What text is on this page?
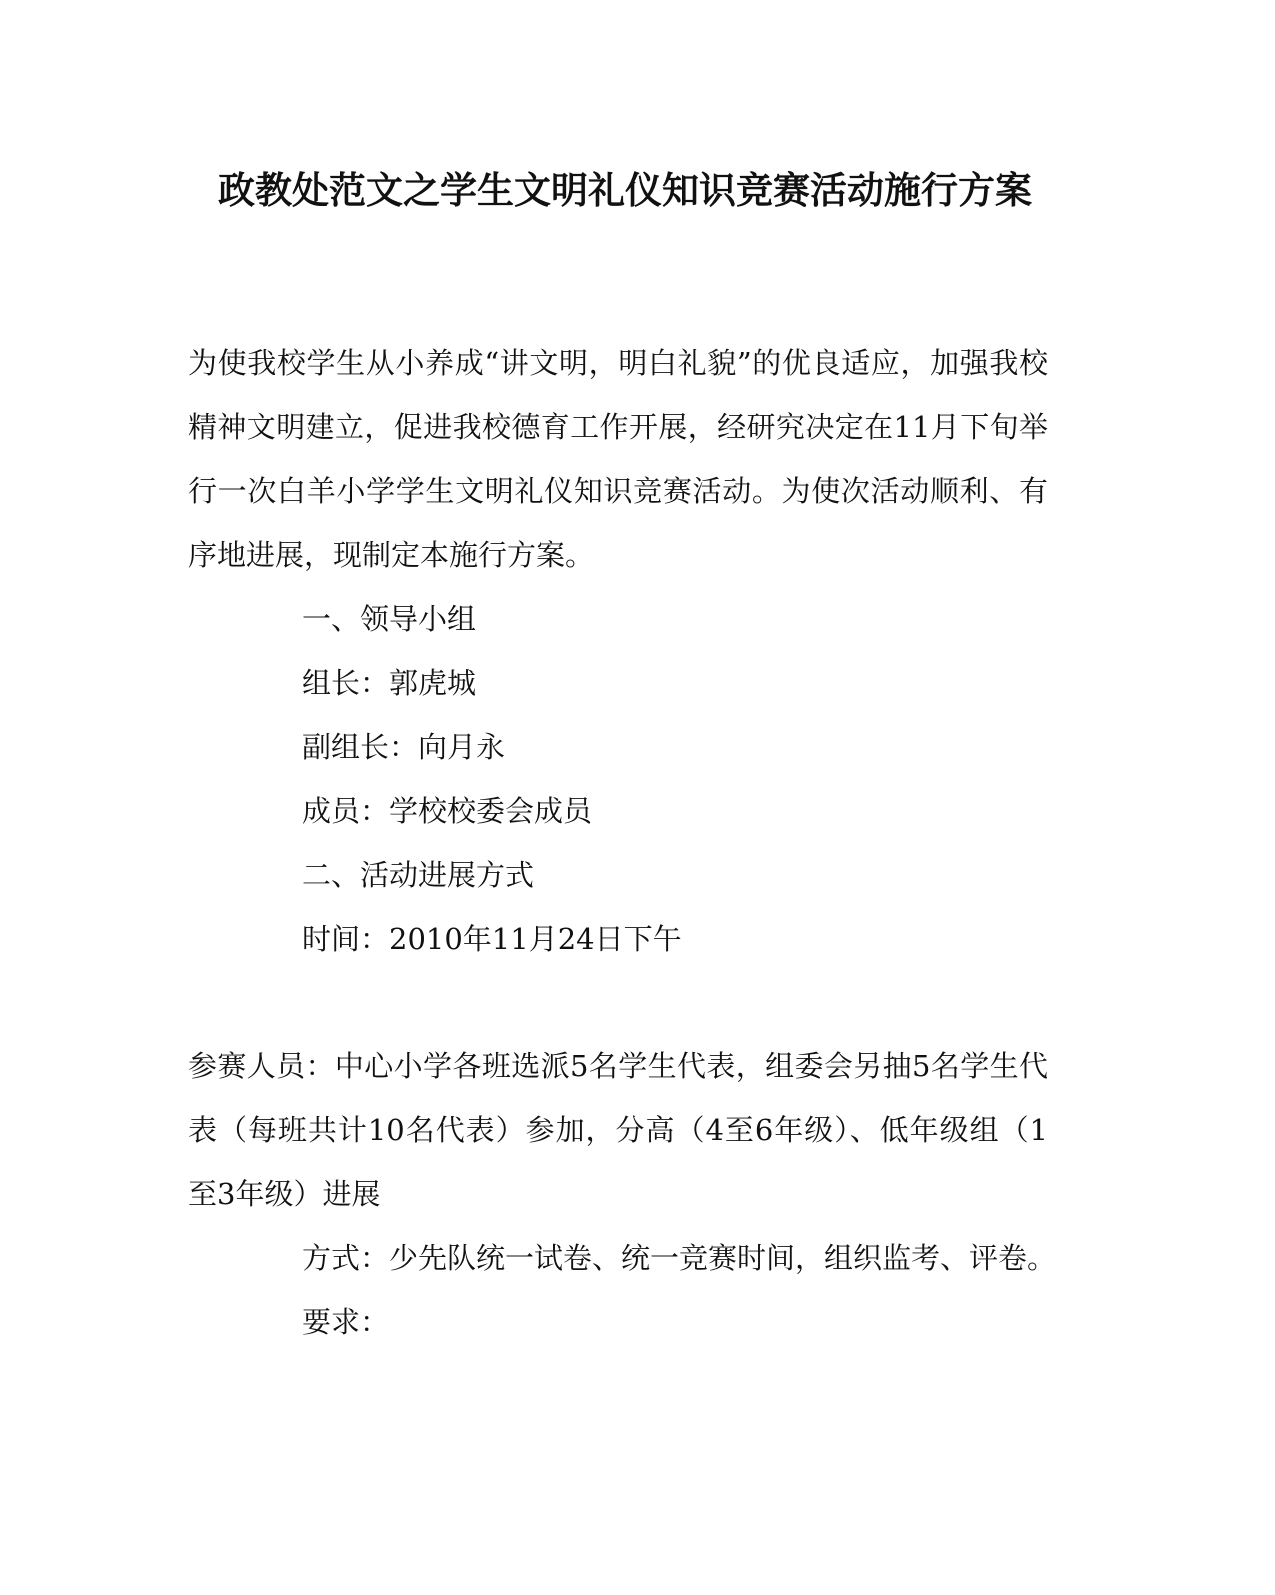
政教处范文之学生文明礼仪知识竞赛活动施行方案
为使我校学生从小养成“讲文明，明白礼貌”的优良适应，加强我校精神文明建立，促进我校德育工作开展，经研究决定在11月下旬举行一次白羊小学学生文明礼仪知识竞赛活动。为使次活动顺利、有序地进展，现制定本施行方案。
一、领导小组
组长：郭虎城
副组长：向月永
成员：学校校委会成员
二、活动进展方式
时间：2010年11月24日下午
参赛人员：中心小学各班选派5名学生代表，组委会另抽5名学生代表（每班共计10名代表）参加，分高（4至6年级）、低年级组（1至3年级）进展
方式：少先队统一试卷、统一竞赛时间，组织监考、评卷。
要求：
